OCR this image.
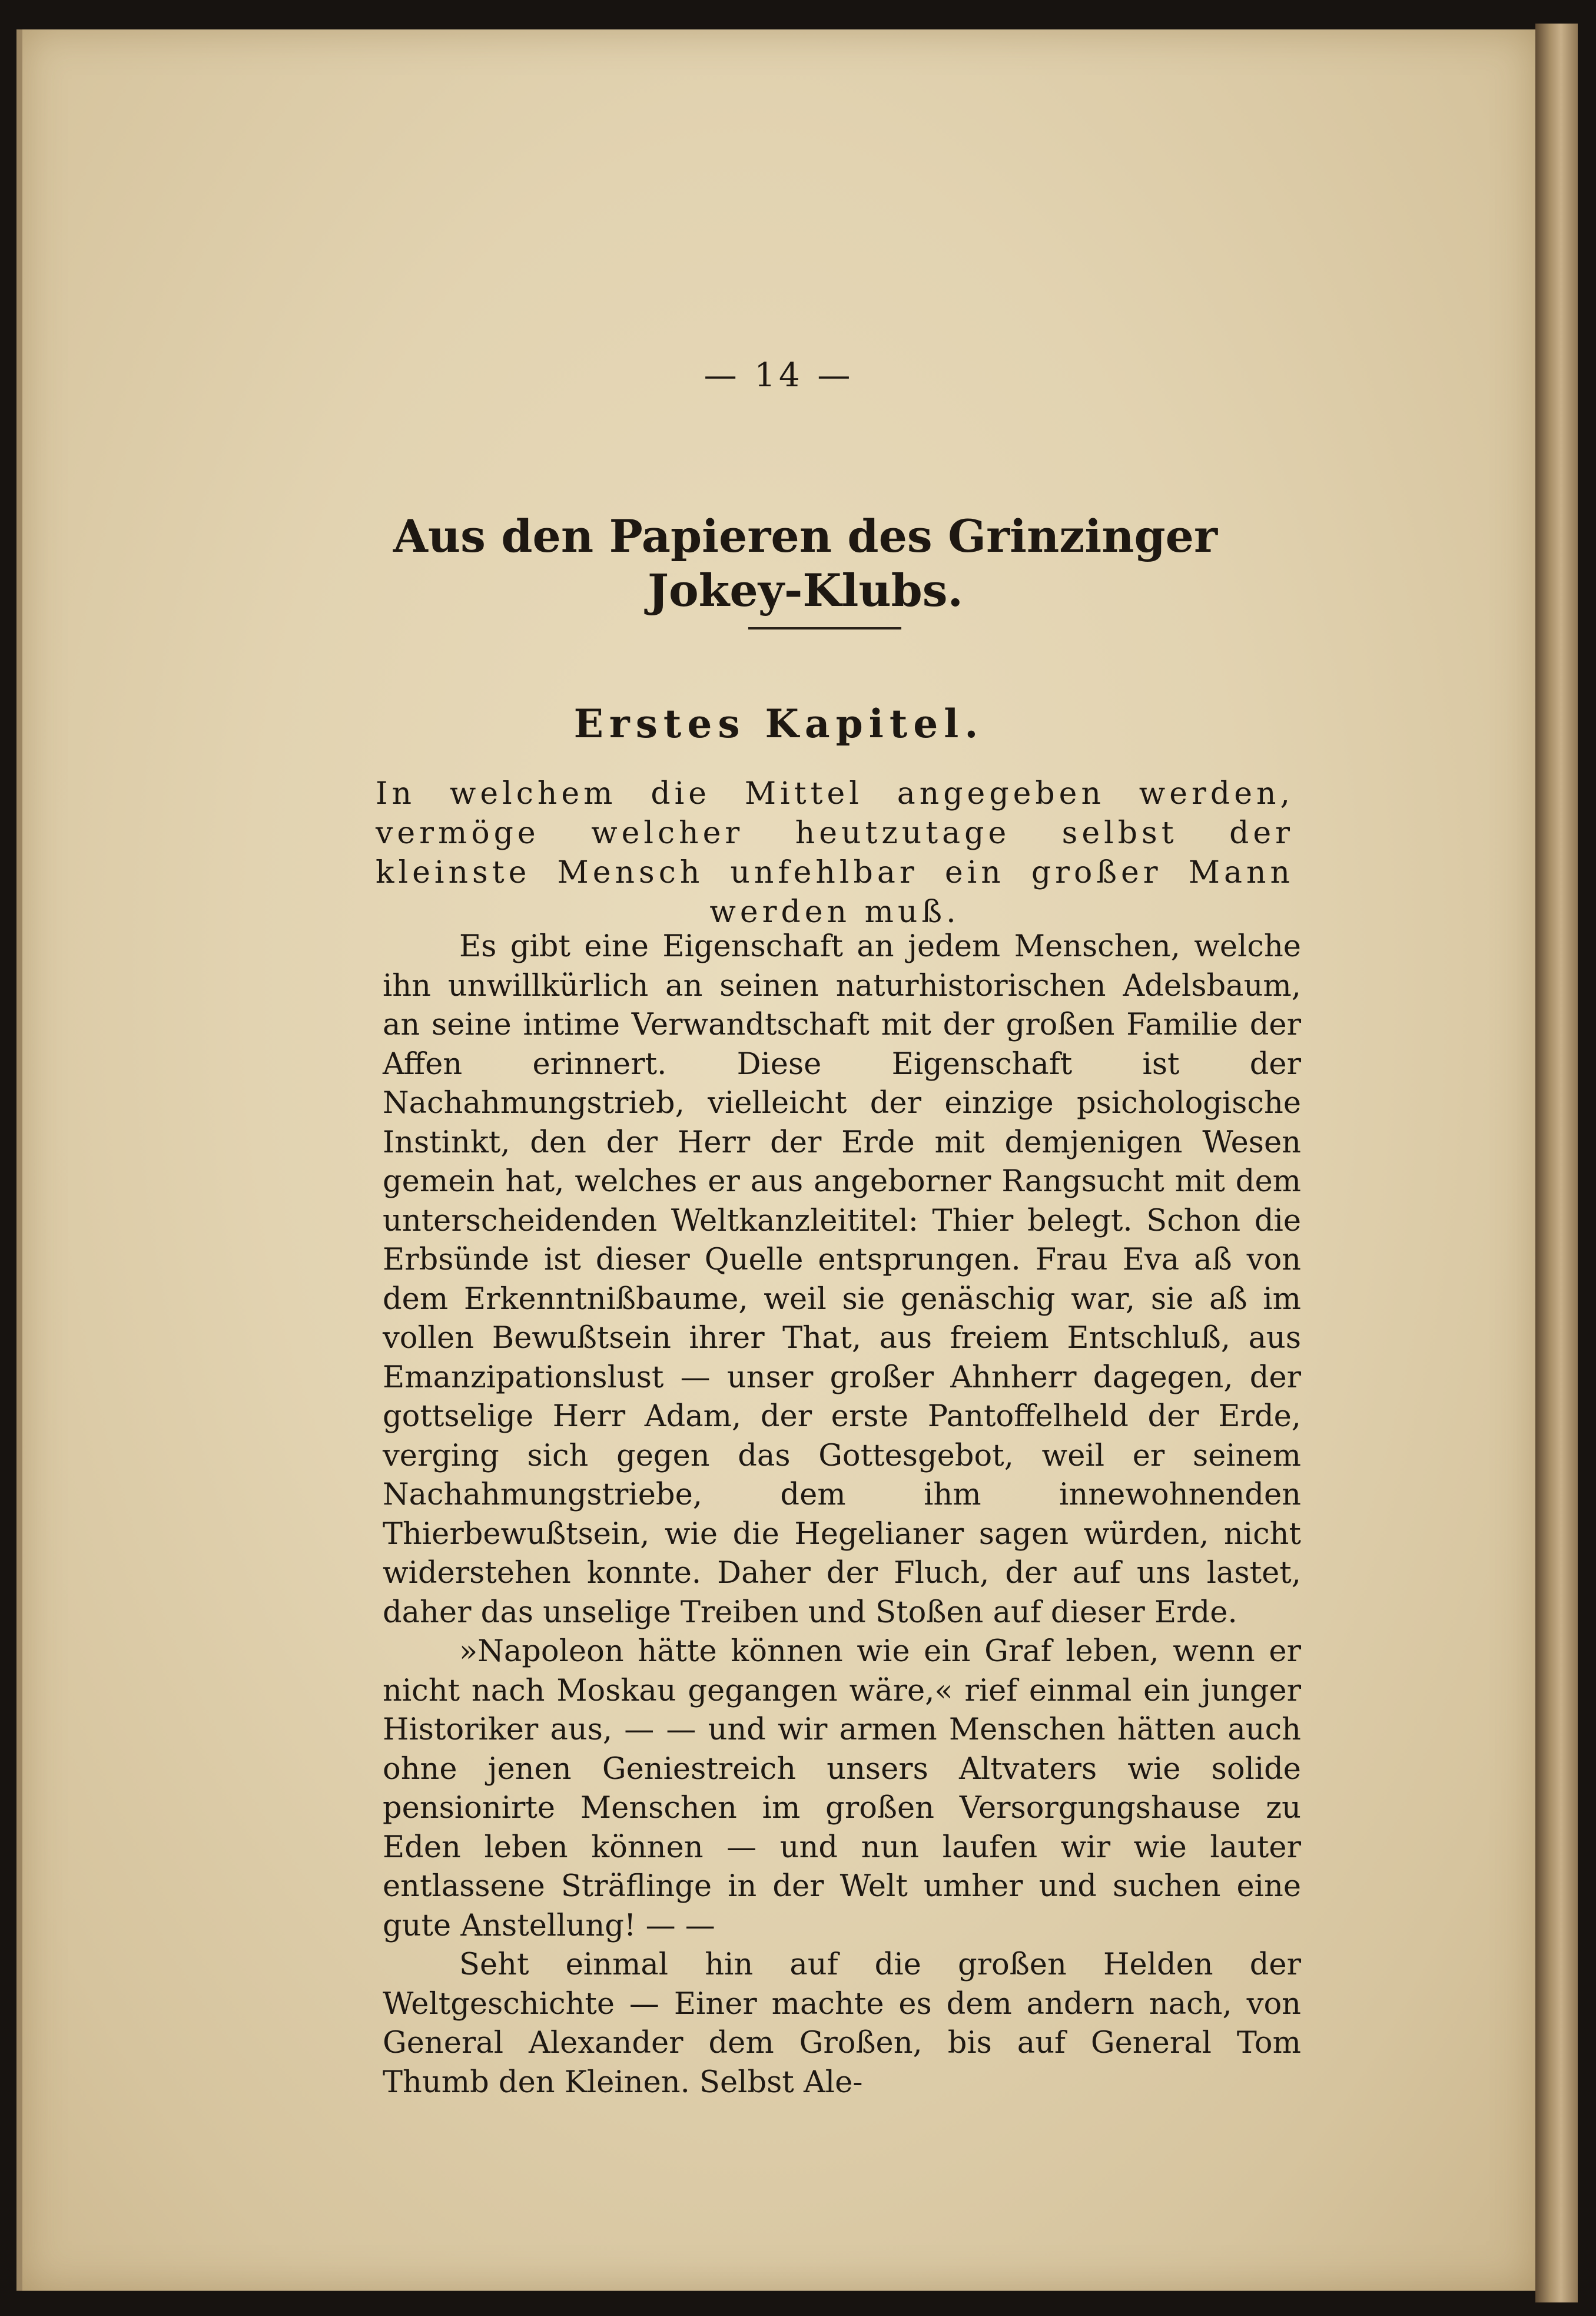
— 14 —
Aus den Papieren des Grinzinger Jokey-Klubs.
Erstes Kapitel.
In welchem die Mittel angegeben werden, vermöge welcher heutzutage selbst der kleinste Mensch unfehlbar ein großer Mann werden muß.

Es gibt eine Eigenschaft an jedem Menschen, welche ihn unwillkürlich an seinen naturhistorischen Adelsbaum, an seine intime Verwandtschaft mit der großen Familie der Affen erinnert. Diese Eigenschaft ist der Nachahmungstrieb, vielleicht der einzige psichologische Instinkt, den der Herr der Erde mit demjenigen Wesen gemein hat, welches er aus angeborner Rangsucht mit dem unterscheidenden Weltkanzleititel: Thier belegt. Schon die Erbsünde ist dieser Quelle entsprungen. Frau Eva aß von dem Erkenntnißbaume, weil sie genäschig war, sie aß im vollen Bewußtsein ihrer That, aus freiem Entschluß, aus Emanzipationslust — unser großer Ahnherr dagegen, der gottselige Herr Adam, der erste Pantoffelheld der Erde, verging sich gegen das Gottesgebot, weil er seinem Nachahmungstriebe, dem ihm innewohnenden Thierbewußtsein, wie die Hegelianer sagen würden, nicht widerstehen konnte. Daher der Fluch, der auf uns lastet, daher das unselige Treiben und Stoßen auf dieser Erde.

»Napoleon hätte können wie ein Graf leben, wenn er nicht nach Moskau gegangen wäre,« rief einmal ein junger Historiker aus, — — und wir armen Menschen hätten auch ohne jenen Geniestreich unsers Altvaters wie solide pensionirte Menschen im großen Versorgungshause zu Eden leben können — und nun laufen wir wie lauter entlassene Sträflinge in der Welt umher und suchen eine gute Anstellung! — —

Seht einmal hin auf die großen Helden der Weltgeschichte — Einer machte es dem andern nach, von General Alexander dem Großen, bis auf General Tom Thumb den Kleinen. Selbst Ale-
